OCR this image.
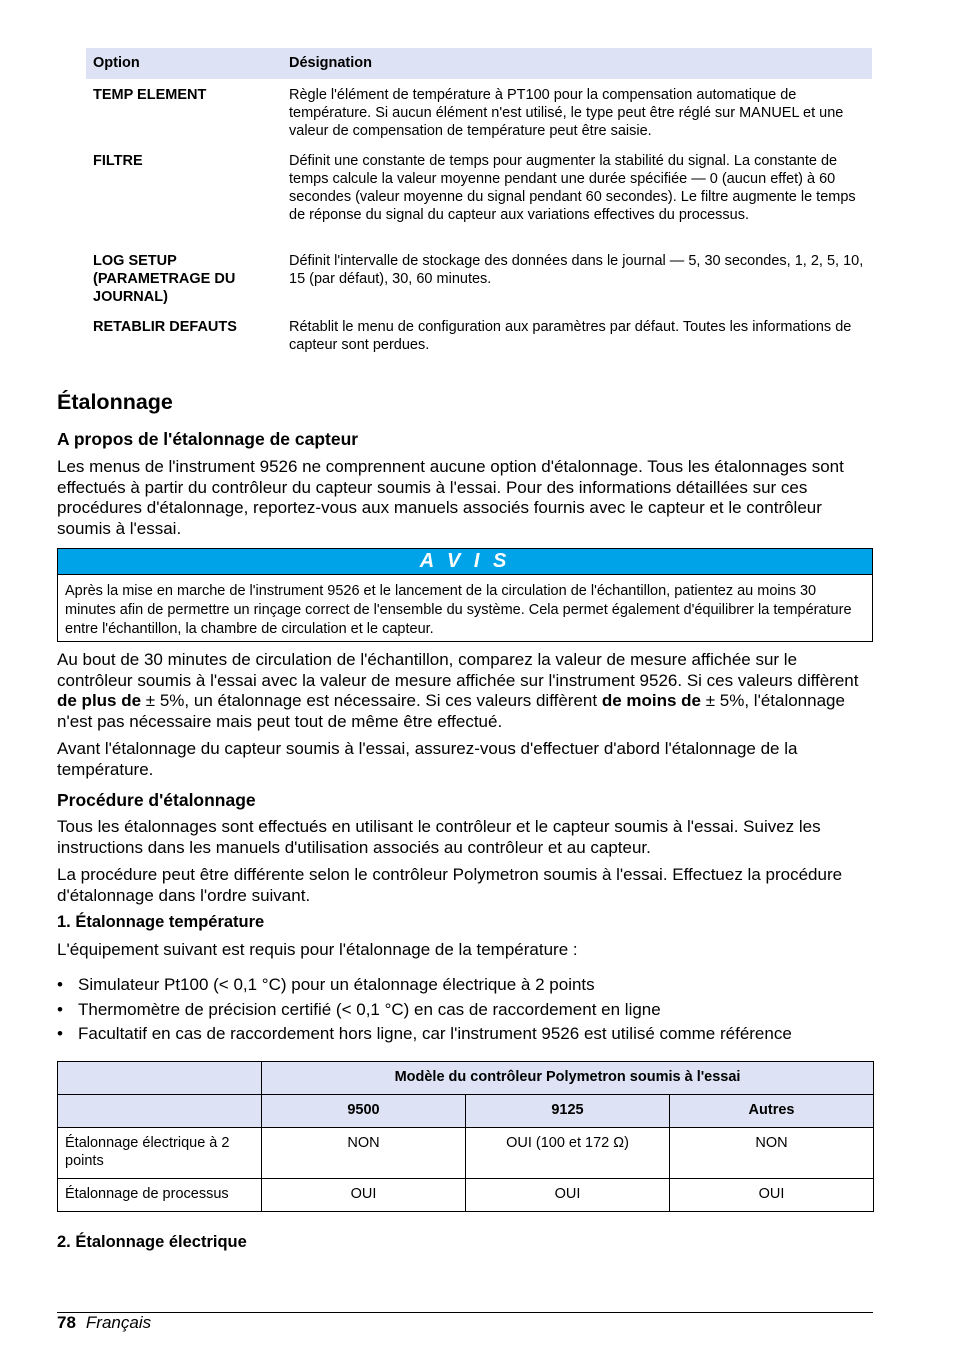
Option	Désignation
TEMP ELEMENT	Règle l'élément de température à PT100 pour la compensation automatique de température. Si aucun élément n'est utilisé, le type peut être réglé sur MANUEL et une valeur de compensation de température peut être saisie.
FILTRE	Définit une constante de temps pour augmenter la stabilité du signal. La constante de temps calcule la valeur moyenne pendant une durée spécifiée — 0 (aucun effet) à 60 secondes (valeur moyenne du signal pendant 60 secondes). Le filtre augmente le temps de réponse du signal du capteur aux variations effectives du processus.
LOG SETUP (PARAMETRAGE DU JOURNAL)	Définit l'intervalle de stockage des données dans le journal — 5, 30 secondes, 1, 2, 5, 10, 15 (par défaut), 30, 60 minutes.
RETABLIR DEFAUTS	Rétablit le menu de configuration aux paramètres par défaut. Toutes les informations de capteur sont perdues.
Étalonnage
A propos de l'étalonnage de capteur

Les menus de l'instrument 9526 ne comprennent aucune option d'étalonnage. Tous les étalonnages sont effectués à partir du contrôleur du capteur soumis à l'essai. Pour des informations détaillées sur ces procédures d'étalonnage, reportez-vous aux manuels associés fournis avec le capteur et le contrôleur soumis à l'essai.

A V I S
Après la mise en marche de l'instrument 9526 et le lancement de la circulation de l'échantillon, patientez au moins 30 minutes afin de permettre un rinçage correct de l'ensemble du système. Cela permet également d'équilibrer la température entre l'échantillon, la chambre de circulation et le capteur.

Au bout de 30 minutes de circulation de l'échantillon, comparez la valeur de mesure affichée sur le contrôleur soumis à l'essai avec la valeur de mesure affichée sur l'instrument 9526. Si ces valeurs diffèrent de plus de ± 5%, un étalonnage est nécessaire. Si ces valeurs diffèrent de moins de ± 5%, l'étalonnage n'est pas nécessaire mais peut tout de même être effectué.

Avant l'étalonnage du capteur soumis à l'essai, assurez-vous d'effectuer d'abord l'étalonnage de la température.

Procédure d'étalonnage

Tous les étalonnages sont effectués en utilisant le contrôleur et le capteur soumis à l'essai. Suivez les instructions dans les manuels d'utilisation associés au contrôleur et au capteur.

La procédure peut être différente selon le contrôleur Polymetron soumis à l'essai. Effectuez la procédure d'étalonnage dans l'ordre suivant.

1. Étalonnage température

L'équipement suivant est requis pour l'étalonnage de la température :

• Simulateur Pt100 (< 0,1 °C) pour un étalonnage électrique à 2 points
• Thermomètre de précision certifié (< 0,1 °C) en cas de raccordement en ligne
• Facultatif en cas de raccordement hors ligne, car l'instrument 9526 est utilisé comme référence
	Modèle du contrôleur Polymetron soumis à l'essai		
	9500	9125	Autres
Étalonnage électrique à 2 points	NON	OUI (100 et 172 Ω)	NON
Étalonnage de processus	OUI	OUI	OUI
2. Étalonnage électrique
78 Français
